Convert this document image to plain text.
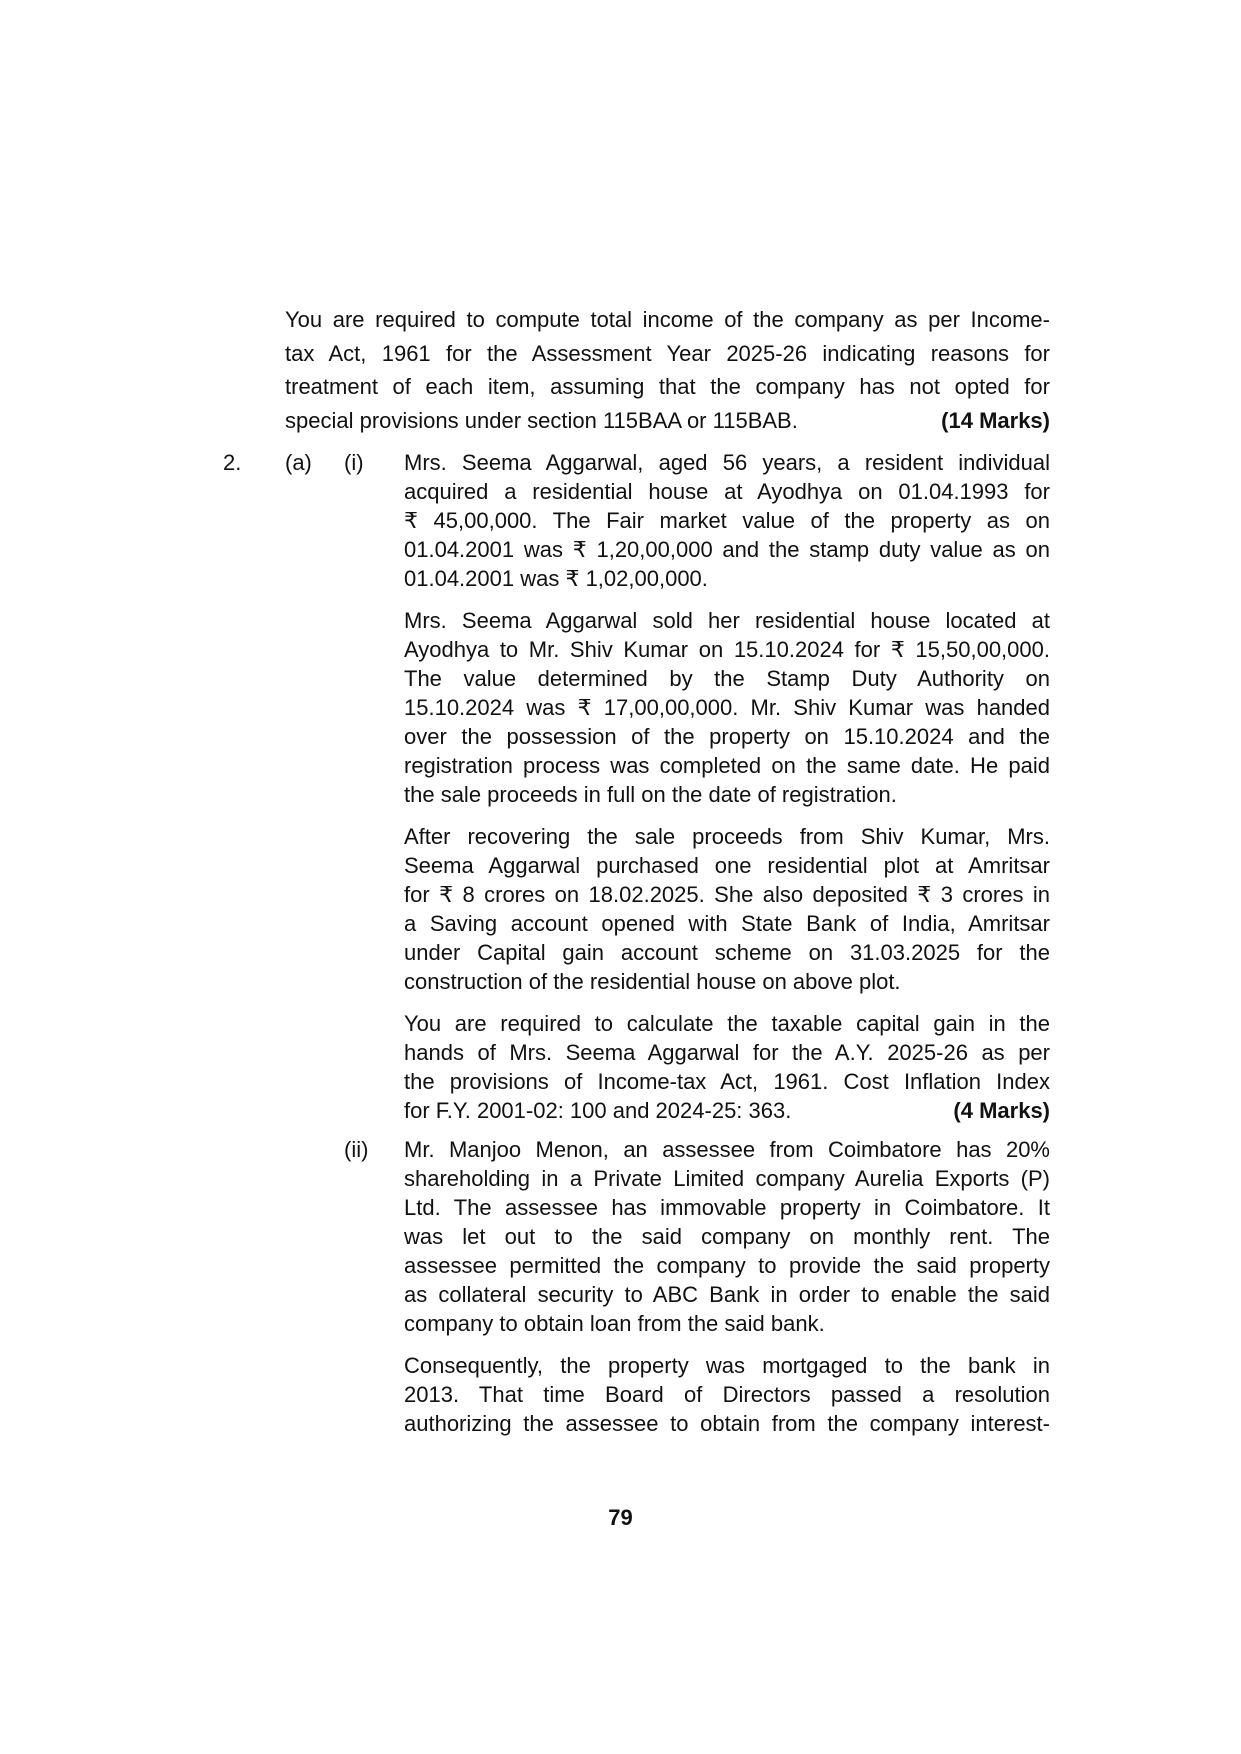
You are required to compute total income of the company as per Income-
tax Act, 1961 for the Assessment Year 2025-26 indicating reasons for
treatment of each item, assuming that the company has not opted for
special provisions under section 115BAA or 115BAB.	(14 Marks)

2. (a) (i) Mrs. Seema Aggarwal, aged 56 years, a resident individual
acquired a residential house at Ayodhya on 01.04.1993 for
₹ 45,00,000. The Fair market value of the property as on
01.04.2001 was ₹ 1,20,00,000 and the stamp duty value as on
01.04.2001 was ₹ 1,02,00,000.

Mrs. Seema Aggarwal sold her residential house located at
Ayodhya to Mr. Shiv Kumar on 15.10.2024 for ₹ 15,50,00,000.
The value determined by the Stamp Duty Authority on
15.10.2024 was ₹ 17,00,00,000. Mr. Shiv Kumar was handed
over the possession of the property on 15.10.2024 and the
registration process was completed on the same date. He paid
the sale proceeds in full on the date of registration.

After recovering the sale proceeds from Shiv Kumar, Mrs.
Seema Aggarwal purchased one residential plot at Amritsar
for ₹ 8 crores on 18.02.2025. She also deposited ₹ 3 crores in
a Saving account opened with State Bank of India, Amritsar
under Capital gain account scheme on 31.03.2025 for the
construction of the residential house on above plot.

You are required to calculate the taxable capital gain in the
hands of Mrs. Seema Aggarwal for the A.Y. 2025-26 as per
the provisions of Income-tax Act, 1961. Cost Inflation Index
for F.Y. 2001-02: 100 and 2024-25: 363.	(4 Marks)

(ii) Mr. Manjoo Menon, an assessee from Coimbatore has 20%
shareholding in a Private Limited company Aurelia Exports (P)
Ltd. The assessee has immovable property in Coimbatore. It
was let out to the said company on monthly rent. The
assessee permitted the company to provide the said property
as collateral security to ABC Bank in order to enable the said
company to obtain loan from the said bank.

Consequently, the property was mortgaged to the bank in
2013. That time Board of Directors passed a resolution
authorizing the assessee to obtain from the company interest-

79
